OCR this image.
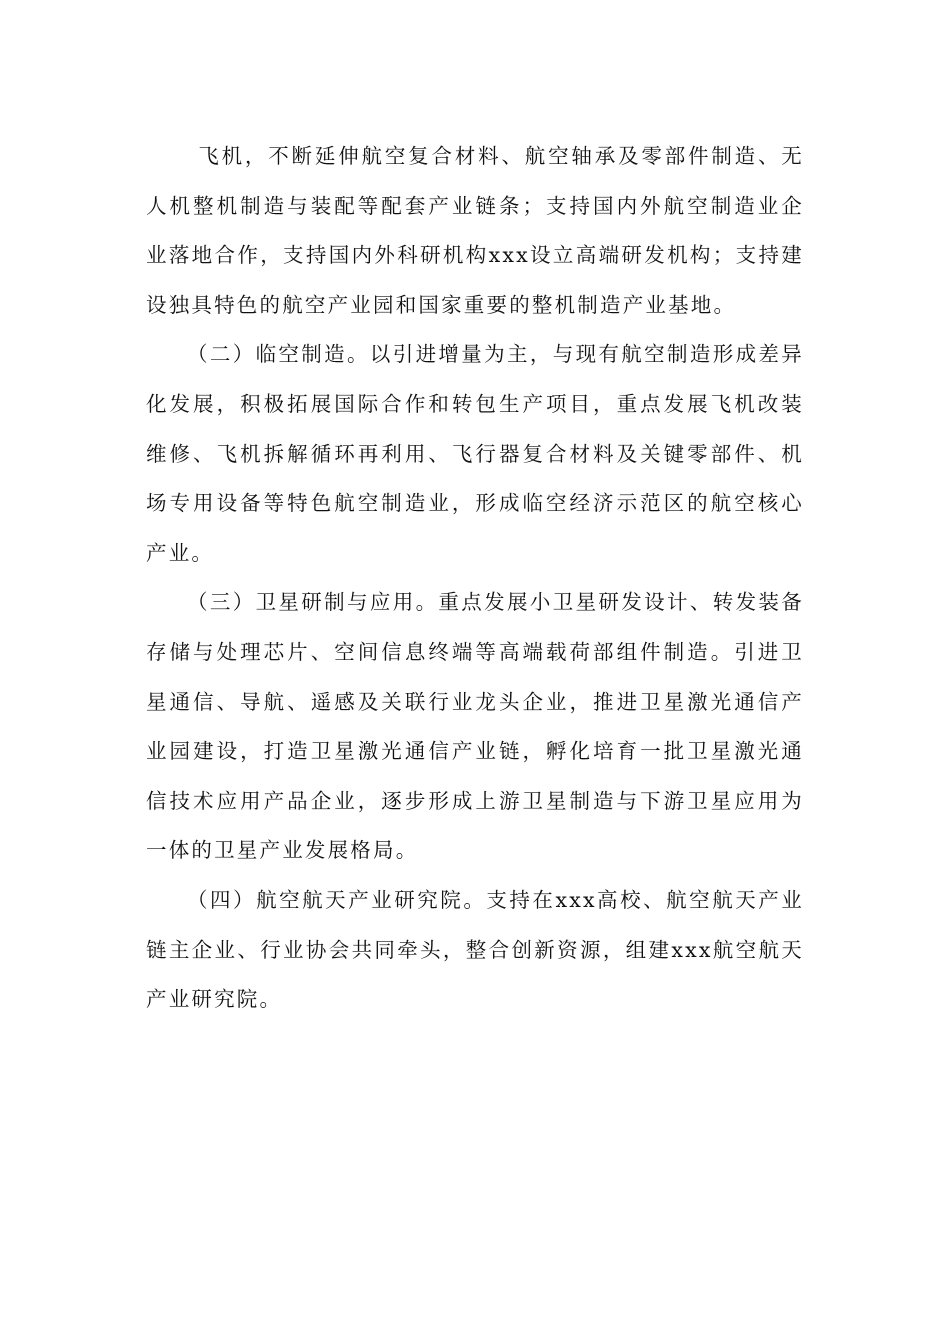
飞机，不断延伸航空复合材料、航空轴承及零部件制造、无人机整机制造与装配等配套产业链条；支持国内外航空制造业企业落地合作，支持国内外科研机构xxx设立高端研发机构；支持建设独具特色的航空产业园和国家重要的整机制造产业基地。

（二）临空制造。以引进增量为主，与现有航空制造形成差异化发展，积极拓展国际合作和转包生产项目，重点发展飞机改装维修、飞机拆解循环再利用、飞行器复合材料及关键零部件、机场专用设备等特色航空制造业，形成临空经济示范区的航空核心产业。

（三）卫星研制与应用。重点发展小卫星研发设计、转发装备存储与处理芯片、空间信息终端等高端载荷部组件制造。引进卫星通信、导航、遥感及关联行业龙头企业，推进卫星激光通信产业园建设，打造卫星激光通信产业链，孵化培育一批卫星激光通信技术应用产品企业，逐步形成上游卫星制造与下游卫星应用为一体的卫星产业发展格局。

（四）航空航天产业研究院。支持在xxx高校、航空航天产业链主企业、行业协会共同牵头，整合创新资源，组建xxx航空航天产业研究院。
